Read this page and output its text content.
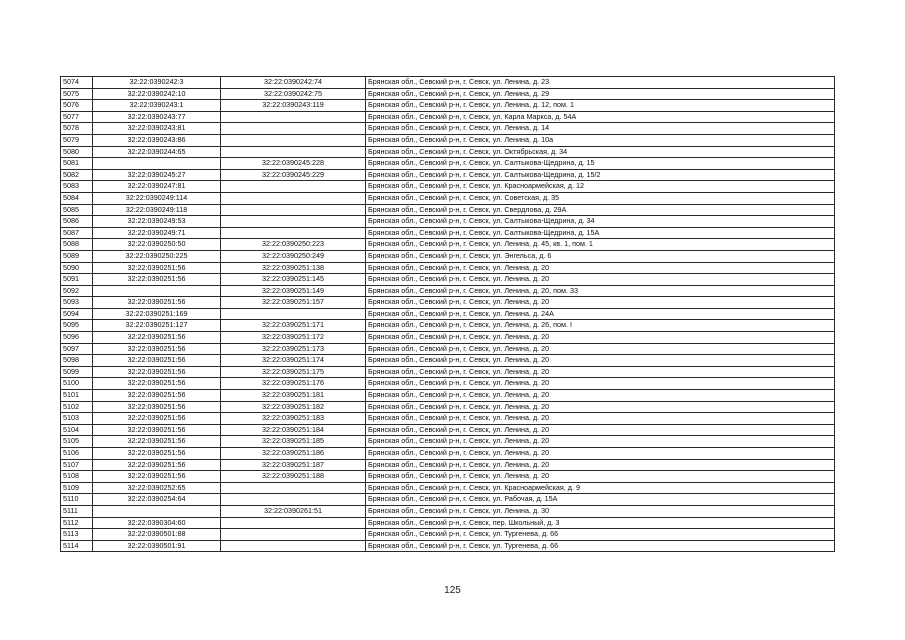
5074	32:22:0390242:3	32:22:0390242:74	Брянская обл., Севский р-н, г. Севск, ул. Ленина, д. 23
5075	32:22:0390242:10	32:22:0390242:75	Брянская обл., Севский р-н, г. Севск, ул. Ленина, д. 29
5076	32:22:0390243:1	32:22:0390243:119	Брянская обл., Севский р-н, г. Севск, ул. Ленина, д. 12, пом. 1
5077	32:22:0390243:77		Брянская обл., Севский р-н, г. Севск, ул. Карла Маркса, д. 54А
5078	32:22:0390243:81		Брянская обл., Севский р-н, г. Севск, ул. Ленина, д. 14
5079	32:22:0390243:86		Брянская обл., Севский р-н, г. Севск, ул. Ленина, д. 10а
5080	32:22:0390244:65		Брянская обл., Севский р-н, г. Севск, ул. Октябрьская, д. 34
5081		32:22:0390245:228	Брянская обл., Севский р-н, г. Севск, ул. Салтыкова-Щедрина, д. 15
5082	32:22:0390245:27	32:22:0390245:229	Брянская обл., Севский р-н, г. Севск, ул. Салтыкова-Щедрина, д. 15/2
5083	32:22:0390247:81		Брянская обл., Севский р-н, г. Севск, ул. Красноармейская, д. 12
5084	32:22:0390249:114		Брянская обл., Севский р-н, г. Севск, ул. Советская, д. 35
5085	32:22:0390249:118		Брянская обл., Севский р-н, г. Севск, ул. Свердлова, д. 29А
5086	32:22:0390249:53		Брянская обл., Севский р-н, г. Севск, ул. Салтыкова-Щедрина, д. 34
5087	32:22:0390249:71		Брянская обл., Севский р-н, г. Севск, ул. Салтыкова-Щедрина, д. 15А
5088	32:22:0390250:50	32:22:0390250:223	Брянская обл., Севский р-н, г. Севск, ул. Ленина, д. 45, кв. 1, пом. 1
5089	32:22:0390250:225	32:22:0390250:249	Брянская обл., Севский р-н, г. Севск, ул. Энгельса, д. 6
5090	32:22:0390251:56	32:22:0390251:138	Брянская обл., Севский р-н, г. Севск, ул. Ленина, д. 20
5091	32:22:0390251:56	32:22:0390251:145	Брянская обл., Севский р-н, г. Севск, ул. Ленина, д. 20
5092		32:22:0390251:149	Брянская обл., Севский р-н, г. Севск, ул. Ленина, д. 20, пом. 33
5093	32:22:0390251:56	32:22:0390251:157	Брянская обл., Севский р-н, г. Севск, ул. Ленина, д. 20
5094	32:22:0390251:169		Брянская обл., Севский р-н, г. Севск, ул. Ленина, д. 24А
5095	32:22:0390251:127	32:22:0390251:171	Брянская обл., Севский р-н, г. Севск, ул. Ленина, д. 26, пом. I
5096	32:22:0390251:56	32:22:0390251:172	Брянская обл., Севский р-н, г. Севск, ул. Ленина, д. 20
5097	32:22:0390251:56	32:22:0390251:173	Брянская обл., Севский р-н, г. Севск, ул. Ленина, д. 20
5098	32:22:0390251:56	32:22:0390251:174	Брянская обл., Севский р-н, г. Севск, ул. Ленина, д. 20
5099	32:22:0390251:56	32:22:0390251:175	Брянская обл., Севский р-н, г. Севск, ул. Ленина, д. 20
5100	32:22:0390251:56	32:22:0390251:176	Брянская обл., Севский р-н, г. Севск, ул. Ленина, д. 20
5101	32:22:0390251:56	32:22:0390251:181	Брянская обл., Севский р-н, г. Севск, ул. Ленина, д. 20
5102	32:22:0390251:56	32:22:0390251:182	Брянская обл., Севский р-н, г. Севск, ул. Ленина, д. 20
5103	32:22:0390251:56	32:22:0390251:183	Брянская обл., Севский р-н, г. Севск, ул. Ленина, д. 20
5104	32:22:0390251:56	32:22:0390251:184	Брянская обл., Севский р-н, г. Севск, ул. Ленина, д. 20
5105	32:22:0390251:56	32:22:0390251:185	Брянская обл., Севский р-н, г. Севск, ул. Ленина, д. 20
5106	32:22:0390251:56	32:22:0390251:186	Брянская обл., Севский р-н, г. Севск, ул. Ленина, д. 20
5107	32:22:0390251:56	32:22:0390251:187	Брянская обл., Севский р-н, г. Севск, ул. Ленина, д. 20
5108	32:22:0390251:56	32:22:0390251:188	Брянская обл., Севский р-н, г. Севск, ул. Ленина, д. 20
5109	32:22:0390252:65		Брянская обл., Севский р-н, г. Севск, ул. Красноармейская, д. 9
5110	32:22:0390254:64		Брянская обл., Севский р-н, г. Севск, ул. Рабочая, д. 15А
5111		32:22:0390261:51	Брянская обл., Севский р-н, г. Севск, ул. Ленина, д. 30
5112	32:22:0390304:60		Брянская обл., Севский р-н, г. Севск, пер. Школьный, д. 3
5113	32:22:0390501:88		Брянская обл., Севский р-н, г. Севск, ул. Тургенева, д. 66
5114	32:22:0390501:91		Брянская обл., Севский р-н, г. Севск, ул. Тургенева, д. 66
125
